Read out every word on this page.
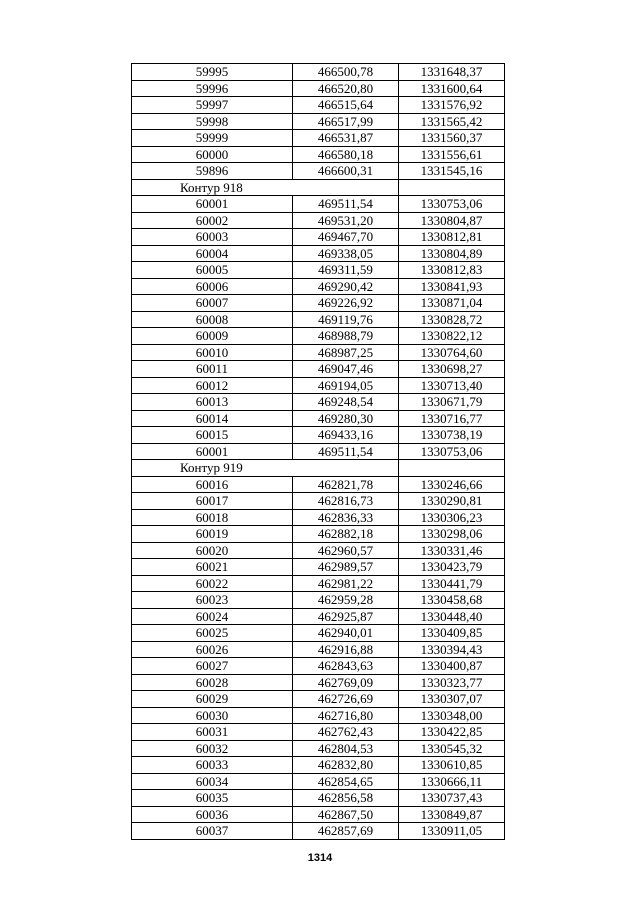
59995	466500,78	1331648,37
59996	466520,80	1331600,64
59997	466515,64	1331576,92
59998	466517,99	1331565,42
59999	466531,87	1331560,37
60000	466580,18	1331556,61
59896	466600,31	1331545,16
Контур 918		
60001	469511,54	1330753,06
60002	469531,20	1330804,87
60003	469467,70	1330812,81
60004	469338,05	1330804,89
60005	469311,59	1330812,83
60006	469290,42	1330841,93
60007	469226,92	1330871,04
60008	469119,76	1330828,72
60009	468988,79	1330822,12
60010	468987,25	1330764,60
60011	469047,46	1330698,27
60012	469194,05	1330713,40
60013	469248,54	1330671,79
60014	469280,30	1330716,77
60015	469433,16	1330738,19
60001	469511,54	1330753,06
Контур 919		
60016	462821,78	1330246,66
60017	462816,73	1330290,81
60018	462836,33	1330306,23
60019	462882,18	1330298,06
60020	462960,57	1330331,46
60021	462989,57	1330423,79
60022	462981,22	1330441,79
60023	462959,28	1330458,68
60024	462925,87	1330448,40
60025	462940,01	1330409,85
60026	462916,88	1330394,43
60027	462843,63	1330400,87
60028	462769,09	1330323,77
60029	462726,69	1330307,07
60030	462716,80	1330348,00
60031	462762,43	1330422,85
60032	462804,53	1330545,32
60033	462832,80	1330610,85
60034	462854,65	1330666,11
60035	462856,58	1330737,43
60036	462867,50	1330849,87
60037	462857,69	1330911,05
1314
